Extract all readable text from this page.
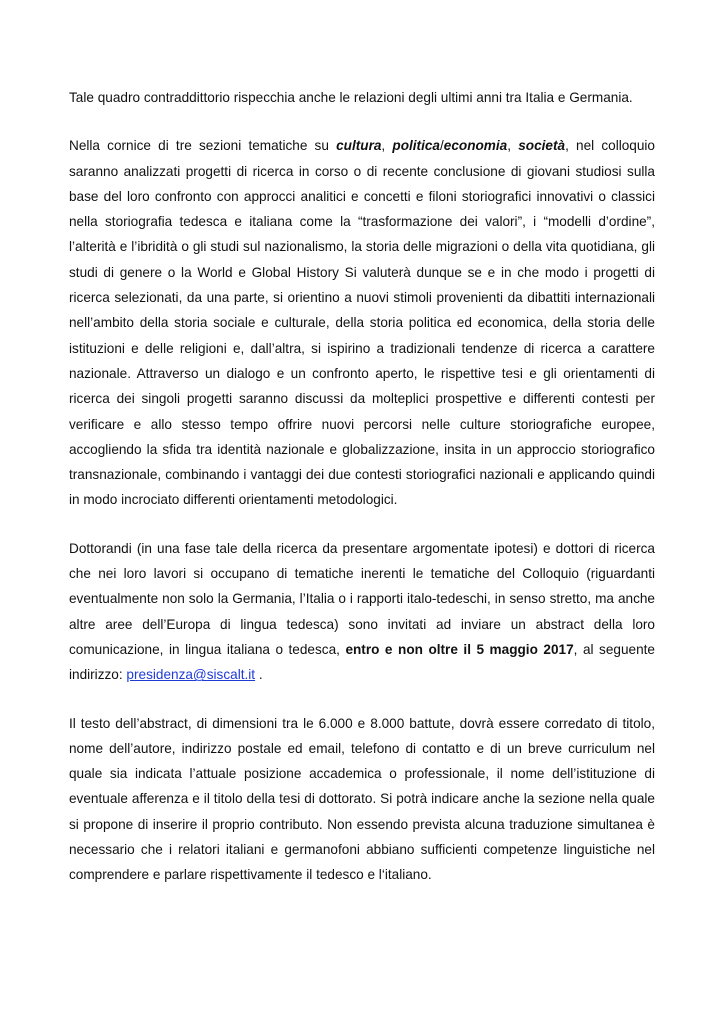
Tale quadro contraddittorio rispecchia anche le relazioni degli ultimi anni tra Italia e Germania.

Nella cornice di tre sezioni tematiche su cultura, politica/economia, società, nel colloquio saranno analizzati progetti di ricerca in corso o di recente conclusione di giovani studiosi sulla base del loro confronto con approcci analitici e concetti e filoni storiografici innovativi o classici nella storiografia tedesca e italiana come la “trasformazione dei valori”, i “modelli d’ordine”, l’alterità e l’ibridità o gli studi sul nazionalismo, la storia delle migrazioni o della vita quotidiana, gli studi di genere o la World e Global History Si valuterà dunque se e in che modo i progetti di ricerca selezionati, da una parte, si orientino a nuovi stimoli provenienti da dibattiti internazionali nell’ambito della storia sociale e culturale, della storia politica ed economica, della storia delle istituzioni e delle religioni e, dall’altra, si ispirino a tradizionali tendenze di ricerca a carattere nazionale. Attraverso un dialogo e un confronto aperto, le rispettive tesi e gli orientamenti di ricerca dei singoli progetti saranno discussi da molteplici prospettive e differenti contesti per verificare e allo stesso tempo offrire nuovi percorsi nelle culture storiografiche europee, accogliendo la sfida tra identità nazionale e globalizzazione, insita in un approccio storiografico transnazionale, combinando i vantaggi dei due contesti storiografici nazionali e applicando quindi in modo incrociato differenti orientamenti metodologici.

Dottorandi (in una fase tale della ricerca da presentare argomentate ipotesi) e dottori di ricerca che nei loro lavori si occupano di tematiche inerenti le tematiche del Colloquio (riguardanti eventualmente non solo la Germania, l’Italia o i rapporti italo-tedeschi, in senso stretto, ma anche altre aree dell’Europa di lingua tedesca) sono invitati ad inviare un abstract della loro comunicazione, in lingua italiana o tedesca, entro e non oltre il 5 maggio 2017, al seguente indirizzo: presidenza@siscalt.it .

Il testo dell’abstract, di dimensioni tra le 6.000 e 8.000 battute, dovrà essere corredato di titolo, nome dell’autore, indirizzo postale ed email, telefono di contatto e di un breve curriculum nel quale sia indicata l’attuale posizione accademica o professionale, il nome dell’istituzione di eventuale afferenza e il titolo della tesi di dottorato. Si potrà indicare anche la sezione nella quale si propone di inserire il proprio contributo. Non essendo prevista alcuna traduzione simultanea è necessario che i relatori italiani e germanofoni abbiano sufficienti competenze linguistiche nel comprendere e parlare rispettivamente il tedesco e l‘italiano.
